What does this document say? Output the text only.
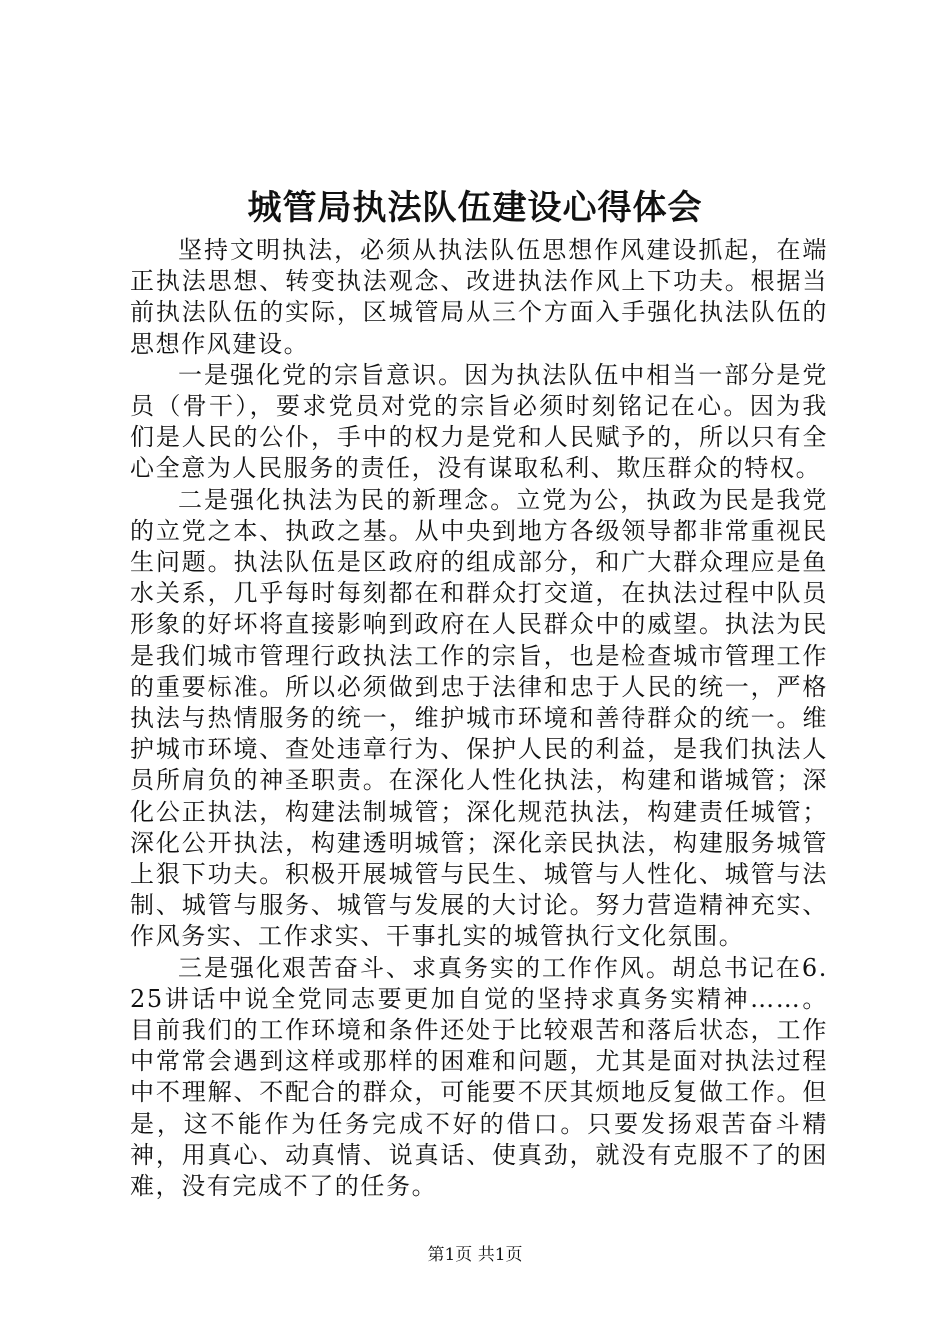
城管局执法队伍建设心得体会

坚持文明执法，必须从执法队伍思想作风建设抓起，在端正执法思想、转变执法观念、改进执法作风上下功夫。根据当前执法队伍的实际，区城管局从三个方面入手强化执法队伍的思想作风建设。

一是强化党的宗旨意识。因为执法队伍中相当一部分是党员（骨干），要求党员对党的宗旨必须时刻铭记在心。因为我们是人民的公仆，手中的权力是党和人民赋予的，所以只有全心全意为人民服务的责任，没有谋取私利、欺压群众的特权。

二是强化执法为民的新理念。立党为公，执政为民是我党的立党之本、执政之基。从中央到地方各级领导都非常重视民生问题。执法队伍是区政府的组成部分，和广大群众理应是鱼水关系，几乎每时每刻都在和群众打交道，在执法过程中队员形象的好坏将直接影响到政府在人民群众中的威望。执法为民是我们城市管理行政执法工作的宗旨，也是检查城市管理工作的重要标准。所以必须做到忠于法律和忠于人民的统一，严格执法与热情服务的统一，维护城市环境和善待群众的统一。维护城市环境、查处违章行为、保护人民的利益，是我们执法人员所肩负的神圣职责。在深化人性化执法，构建和谐城管；深化公正执法，构建法制城管；深化规范执法，构建责任城管；深化公开执法，构建透明城管；深化亲民执法，构建服务城管上狠下功夫。积极开展城管与民生、城管与人性化、城管与法制、城管与服务、城管与发展的大讨论。努力营造精神充实、作风务实、工作求实、干事扎实的城管执行文化氛围。

三是强化艰苦奋斗、求真务实的工作作风。胡总书记在6.25讲话中说全党同志要更加自觉的坚持求真务实精神……。目前我们的工作环境和条件还处于比较艰苦和落后状态，工作中常常会遇到这样或那样的困难和问题，尤其是面对执法过程中不理解、不配合的群众，可能要不厌其烦地反复做工作。但是，这不能作为任务完成不好的借口。只要发扬艰苦奋斗精神，用真心、动真情、说真话、使真劲，就没有克服不了的困难，没有完成不了的任务。

第1页 共1页
